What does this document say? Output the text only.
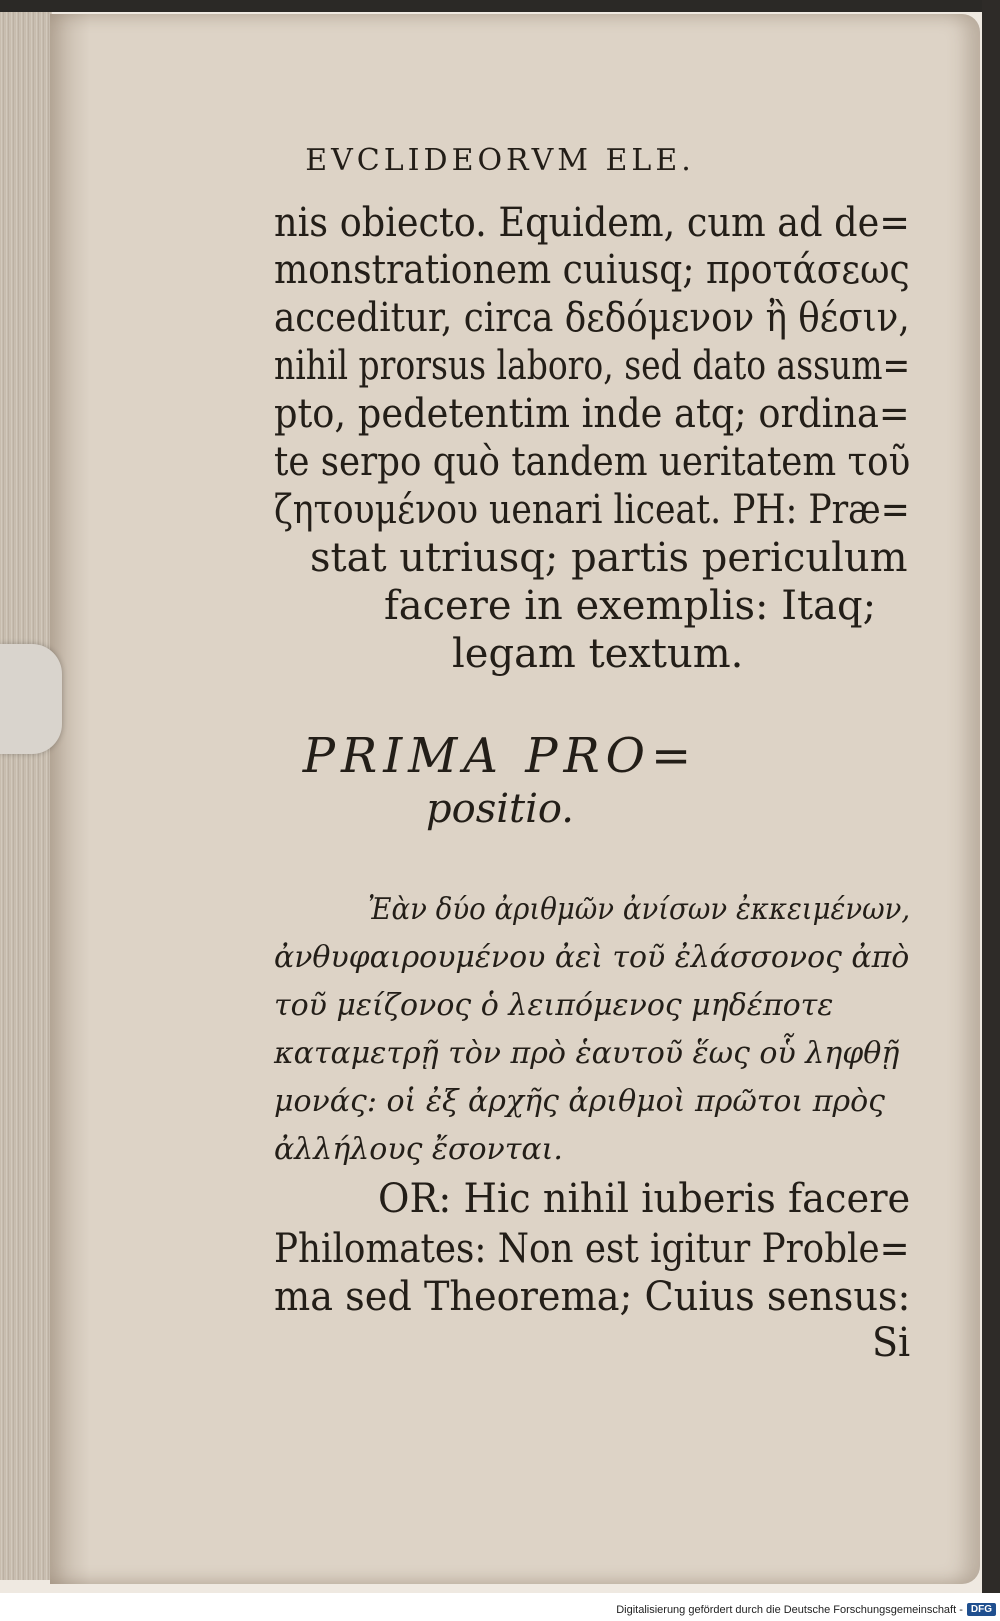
EVCLIDEORVM ELE.
nis obiecto. Equidem, cum ad de=
monstrationem cuiusq; προτάσεως
acceditur, circa δεδόμενον ἢ θέσιν,
nihil prorsus laboro, sed dato assum=
pto, pedetentim inde atq; ordina=
te serpo quò tandem ueritatem τοῦ
ζητουμένου uenari liceat. PH: Præ=
stat utriusq; partis periculum
facere in exemplis: Itaq;
legam textum.
PRIMA PRO=
positio.
Ἐὰν δύο ἀριθμῶν ἀνίσων ἐκκειμένων,
ἀνθυφαιρουμένου ἀεὶ τοῦ ἐλάσσονος ἀπὸ
τοῦ μείζονος ὁ λειπόμενος μηδέποτε
καταμετρῇ τὸν πρὸ ἑαυτοῦ ἕως οὗ ληφθῇ
μονάς: οἱ ἐξ ἀρχῆς ἀριθμοὶ πρῶτοι πρὸς
ἀλλήλους ἔσονται.
OR: Hic nihil iuberis facere
Philomates: Non est igitur Proble=
ma sed Theorema; Cuius sensus:
Si
Digitalisierung gefördert durch die Deutsche Forschungsgemeinschaft - DFG
